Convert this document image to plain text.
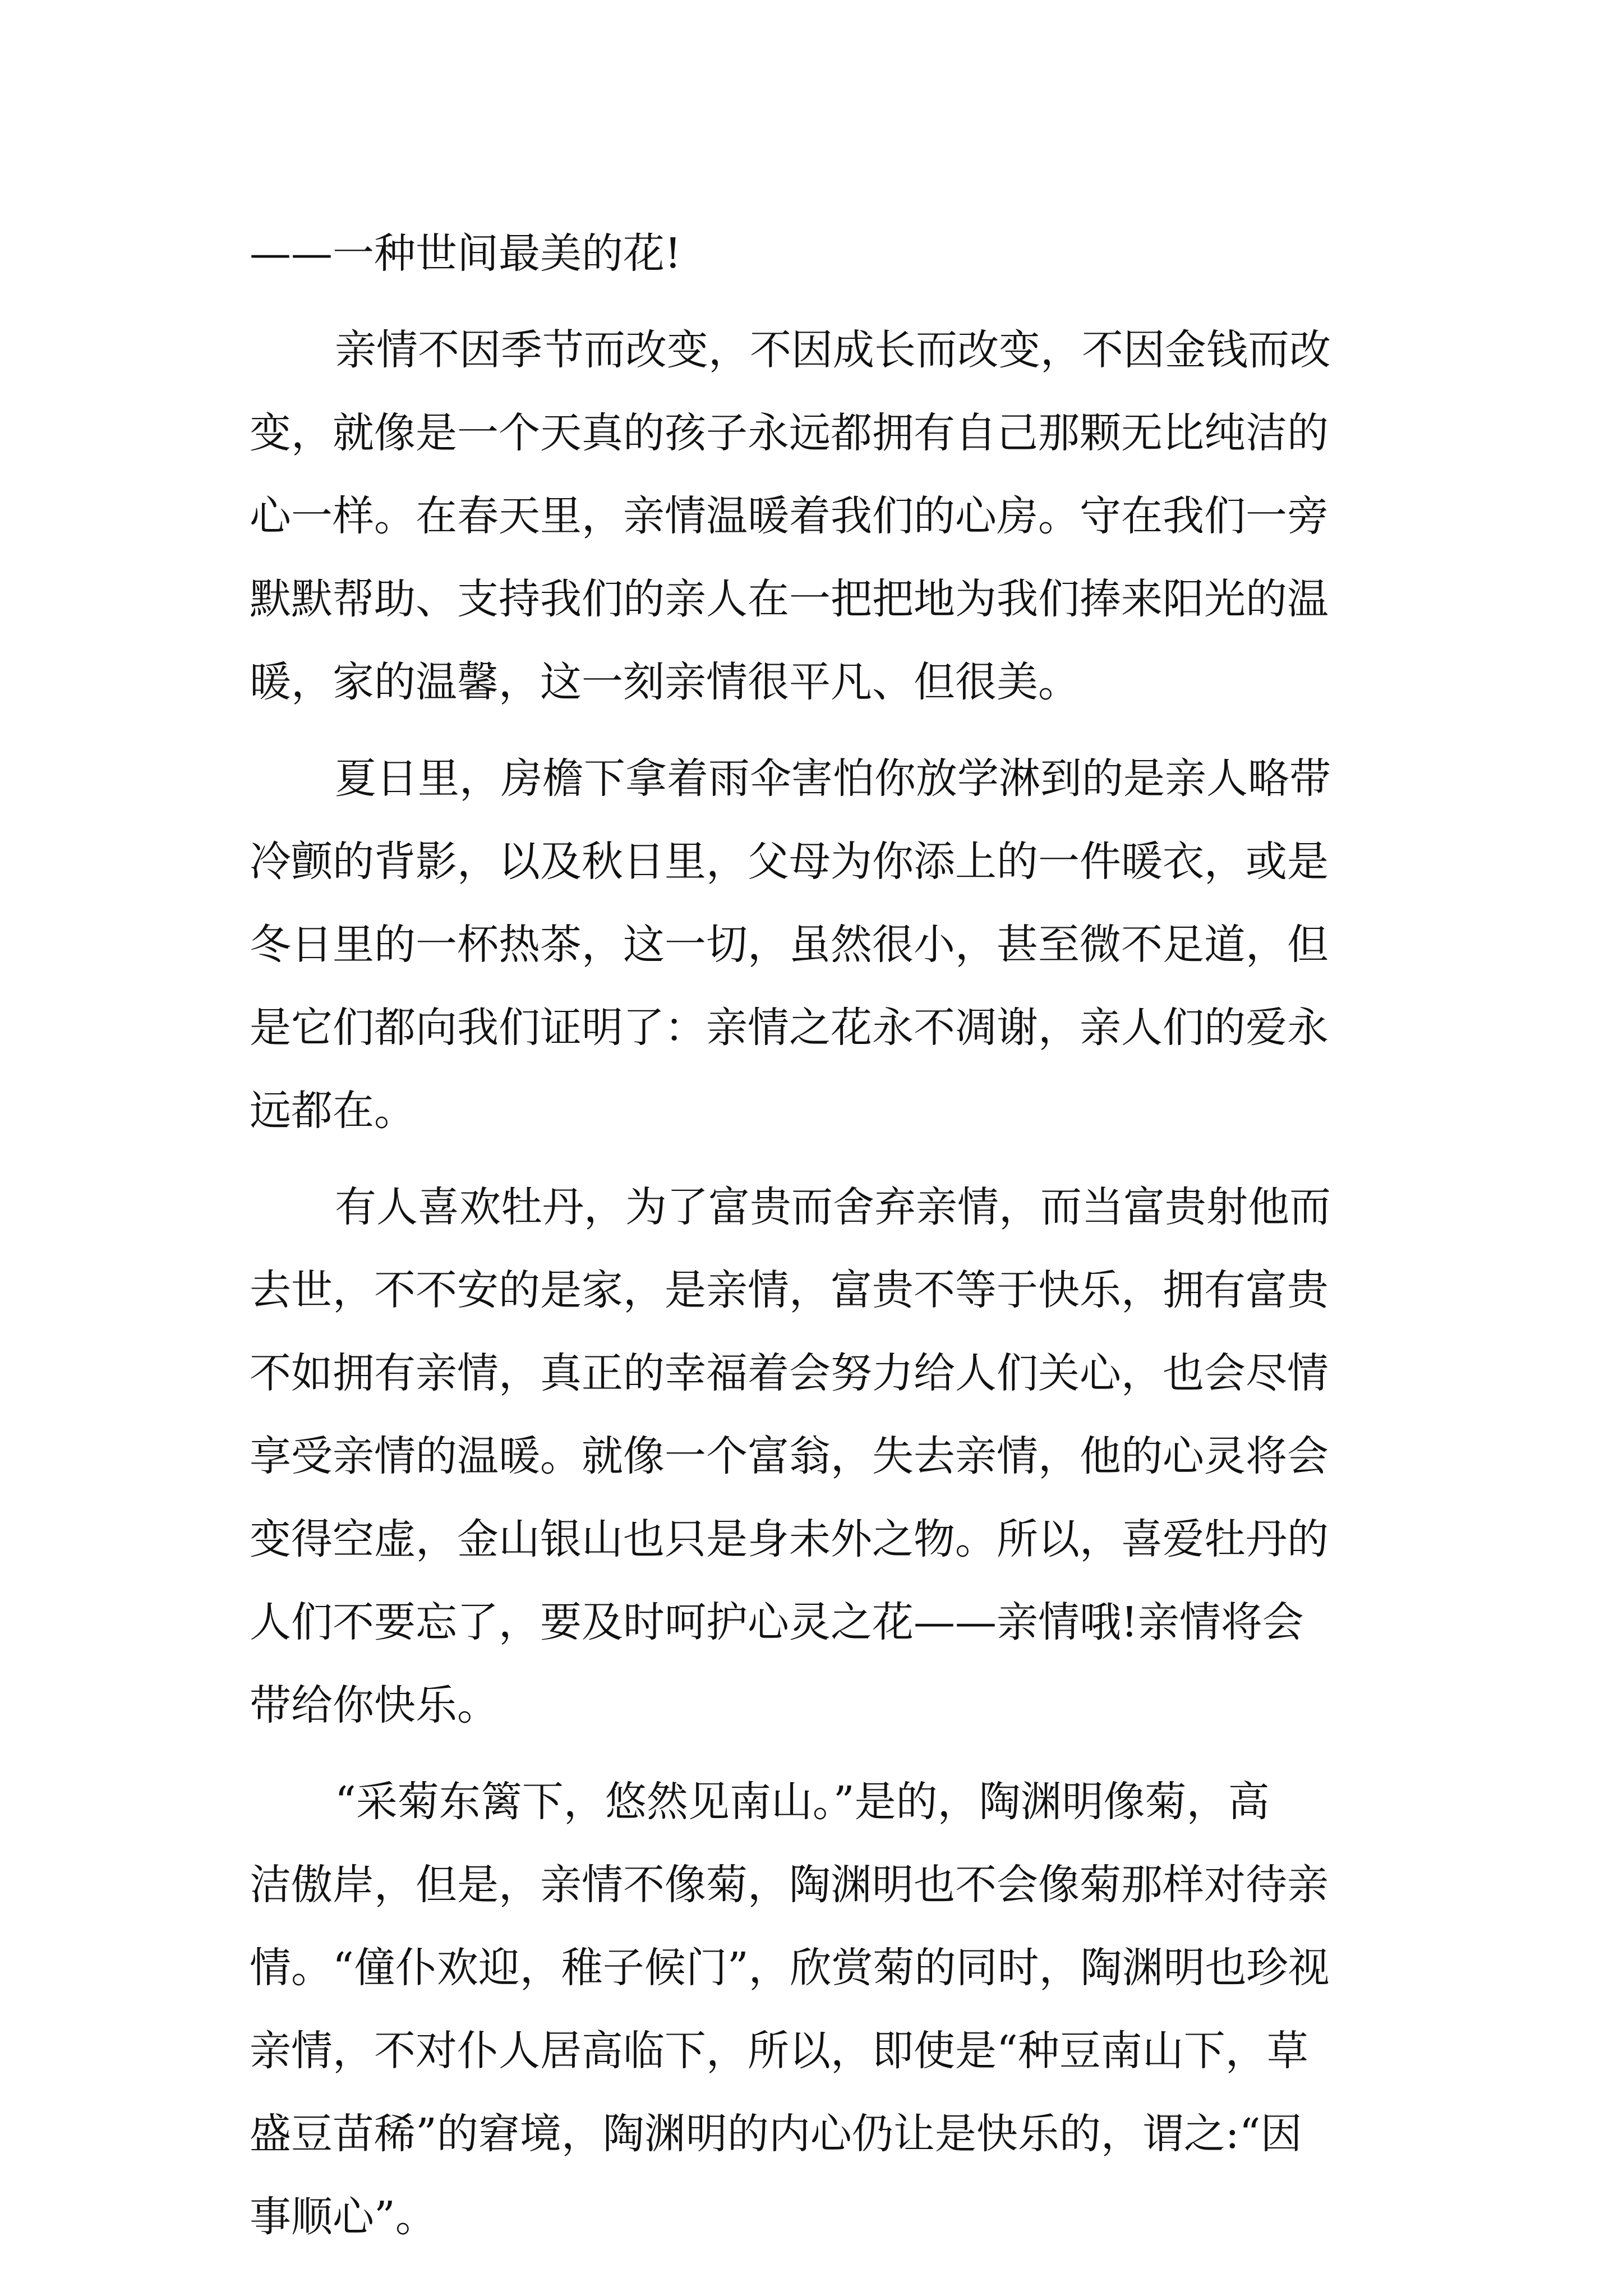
——一种世间最美的花!
亲情不因季节而改变，不因成长而改变，不因金钱而改
变，就像是一个天真的孩子永远都拥有自己那颗无比纯洁的
心一样。在春天里，亲情温暖着我们的心房。守在我们一旁
默默帮助、支持我们的亲人在一把把地为我们捧来阳光的温
暖，家的温馨，这一刻亲情很平凡、但很美。
夏日里，房檐下拿着雨伞害怕你放学淋到的是亲人略带
冷颤的背影，以及秋日里，父母为你添上的一件暖衣，或是
冬日里的一杯热茶，这一切，虽然很小，甚至微不足道，但
是它们都向我们证明了：亲情之花永不凋谢，亲人们的爱永
远都在。
有人喜欢牡丹，为了富贵而舍弃亲情，而当富贵射他而
去世，不不安的是家，是亲情，富贵不等于快乐，拥有富贵
不如拥有亲情，真正的幸福着会努力给人们关心，也会尽情
享受亲情的温暖。就像一个富翁，失去亲情，他的心灵将会
变得空虚，金山银山也只是身未外之物。所以，喜爱牡丹的
人们不要忘了，要及时呵护心灵之花——亲情哦!亲情将会
带给你快乐。
“采菊东篱下，悠然见南山。”是的，陶渊明像菊，高
洁傲岸，但是，亲情不像菊，陶渊明也不会像菊那样对待亲
情。“僮仆欢迎，稚子候门”，欣赏菊的同时，陶渊明也珍视
亲情，不对仆人居高临下，所以，即使是“种豆南山下，草
盛豆苗稀”的窘境，陶渊明的内心仍让是快乐的，谓之:“因
事顺心”。
